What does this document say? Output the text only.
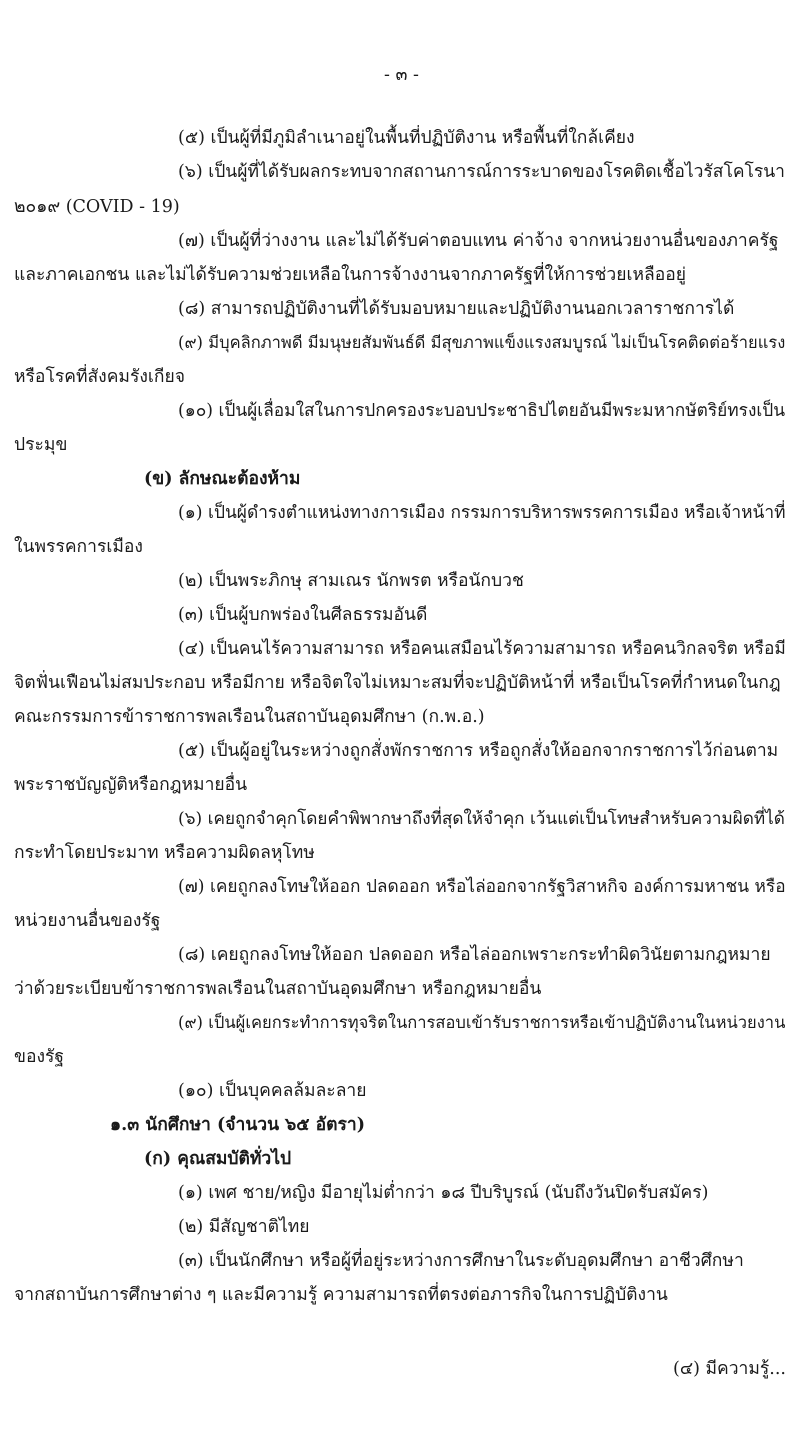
- ๓ -
(๕) เป็นผู้ที่มีภูมิลำเนาอยู่ในพื้นที่ปฏิบัติงาน หรือพื้นที่ใกล้เคียง
(๖) เป็นผู้ที่ได้รับผลกระทบจากสถานการณ์การระบาดของโรคติดเชื้อไวรัสโคโรนา
๒๐๑๙ (COVID - 19)
(๗) เป็นผู้ที่ว่างงาน และไม่ได้รับค่าตอบแทน ค่าจ้าง จากหน่วยงานอื่นของภาครัฐ
และภาคเอกชน และไม่ได้รับความช่วยเหลือในการจ้างงานจากภาครัฐที่ให้การช่วยเหลืออยู่
(๘) สามารถปฏิบัติงานที่ได้รับมอบหมายและปฏิบัติงานนอกเวลาราชการได้
(๙) มีบุคลิกภาพดี มีมนุษยสัมพันธ์ดี มีสุขภาพแข็งแรงสมบูรณ์ ไม่เป็นโรคติดต่อร้ายแรง
หรือโรคที่สังคมรังเกียจ
(๑๐) เป็นผู้เลื่อมใสในการปกครองระบอบประชาธิปไตยอันมีพระมหากษัตริย์ทรงเป็น
ประมุข
(ข) ลักษณะต้องห้าม
(๑) เป็นผู้ดำรงตำแหน่งทางการเมือง กรรมการบริหารพรรคการเมือง หรือเจ้าหน้าที่
ในพรรคการเมือง
(๒) เป็นพระภิกษุ สามเณร นักพรต หรือนักบวช
(๓) เป็นผู้บกพร่องในศีลธรรมอันดี
(๔) เป็นคนไร้ความสามารถ หรือคนเสมือนไร้ความสามารถ หรือคนวิกลจริต หรือมี
จิตฟั่นเฟือนไม่สมประกอบ หรือมีกาย หรือจิตใจไม่เหมาะสมที่จะปฏิบัติหน้าที่ หรือเป็นโรคที่กำหนดในกฎ
คณะกรรมการข้าราชการพลเรือนในสถาบันอุดมศึกษา (ก.พ.อ.)
(๕) เป็นผู้อยู่ในระหว่างถูกสั่งพักราชการ หรือถูกสั่งให้ออกจากราชการไว้ก่อนตาม
พระราชบัญญัติหรือกฎหมายอื่น
(๖) เคยถูกจำคุกโดยคำพิพากษาถึงที่สุดให้จำคุก เว้นแต่เป็นโทษสำหรับความผิดที่ได้
กระทำโดยประมาท หรือความผิดลหุโทษ
(๗) เคยถูกลงโทษให้ออก ปลดออก หรือไล่ออกจากรัฐวิสาหกิจ องค์การมหาชน หรือ
หน่วยงานอื่นของรัฐ
(๘) เคยถูกลงโทษให้ออก ปลดออก หรือไล่ออกเพราะกระทำผิดวินัยตามกฎหมาย
ว่าด้วยระเบียบข้าราชการพลเรือนในสถาบันอุดมศึกษา หรือกฎหมายอื่น
(๙) เป็นผู้เคยกระทำการทุจริตในการสอบเข้ารับราชการหรือเข้าปฏิบัติงานในหน่วยงาน
ของรัฐ
(๑๐) เป็นบุคคลล้มละลาย
๑.๓ นักศึกษา (จำนวน ๖๕ อัตรา)
(ก) คุณสมบัติทั่วไป
(๑) เพศ ชาย/หญิง มีอายุไม่ต่ำกว่า ๑๘ ปีบริบูรณ์ (นับถึงวันปิดรับสมัคร)
(๒) มีสัญชาติไทย
(๓) เป็นนักศึกษา หรือผู้ที่อยู่ระหว่างการศึกษาในระดับอุดมศึกษา อาชีวศึกษา
จากสถาบันการศึกษาต่าง ๆ และมีความรู้ ความสามารถที่ตรงต่อภารกิจในการปฏิบัติงาน
(๔) มีความรู้...
